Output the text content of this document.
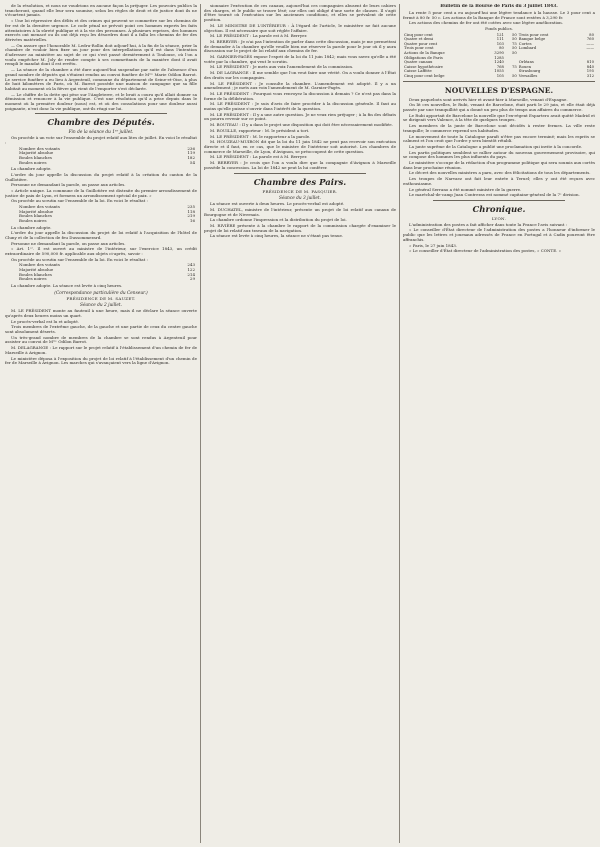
de la résolution, et nous ne voudrions en aucune façon la préjuger. Les pouvoirs publics la trancheront, quand elle leur sera soumise, selon les règles de droit et de justice dont ils ne s'écartent jamais.

« Une loi répressive des délits et des crimes qui peuvent se commettre sur les chemins de fer est de la dernière urgence. Le code pénal ne prévoit point ces hommes experts les faits attentatoires à la sûreté publique et à la vie des personnes. À plusieurs reprises, des hommes exercés ont menacé ou ils ont déjà reçu les désordres dont il a fallu les chemins de fer des dérivées matérielles.

— On assure que l'honorable M. Ledru-Rollin doit adjourl'hui, à la fin de la séance, prier la chambre de vouloir bien fixer un jour pour des interpellations qu'il est dans l'intention d'adresser au ministère au sujet de ce qui s'est passé dernièrement à Toulouse, où l'on a voulu empêcher M. Joly de rendre compte à ses commettants de la manière dont il avait rempli le mandat dont il est revêtu.

— La séance de la chambre a été dure aujourd'hui suspendue par suite de l'absence d'un grand nombre de députés qui s'étaient rendus au convoi funèbre de Mᵐᵉ Marie Odilon Barrot. Le service funèbre a eu lieu à Argenteuil, commune du département de Seine-et-Oise, à plus de huit kilomètres de Paris, où M. Barrot possède une maison de campagne que sa fille habitait au moment où la fièvre qui vient de l'emporter s'est déclarée.

— Le chiffre de la dette qui pèse sur l'Angleterre, et le bruit a couru qu'il allait donner sa démission et renoncer à la vie publique. C'est une résolution qu'il a prise depuis dans le moment où la première douleur (nous) est, et où des consolations pour une douleur aussi poignante, n'eut donc la vie publique, ont-ils réagi sur lui.

Chambre des Députés.
Fin de la séance du 1ᵉʳ juillet.

On procède à un vote sur l'ensemble du projet relatif aux lites de juillet. En voici le résultat :

Nombre des votants	236
Majorité absolue	119
Boules blanches	182
Boules noires	54

La chambre adopte.

L'ordre du jour appelle la discussion du projet relatif à la création du canton de la Guillotière.

Personne ne demandant la parole, on passe aux articles.

« Article unique. La commune de la Guillotière est distraite du premier arrondissement de justice de paix de Lyon, et formera un arrondissement spécial de paix. »

On procède au scrutin sur l'ensemble de la loi. En voici le résultat :

Nombre des votants	235
Majorité absolue	118
Boules blanches	219
Boules noires	16

La chambre adopte.

L'ordre du jour appelle la discussion du projet de loi relatif à l'acquisition de l'hôtel de Cluny et de la collection de feu Dussommerard.

Personne ne demandant la parole, on passe aux articles.

« Art. 1ᵉʳ. Il est ouvert au ministre de l'intérieur, sur l'exercice 1843, un crédit extraordinaire de 590,000 fr. applicable aux objets ci-après, savoir :

On procède au scrutin sur l'ensemble de la loi. En voici le résultat :

Nombre des votants	243
Majorité absolue	122
Boules blanches	214
Boules noires	29

La chambre adopte. La séance est levée à cinq heures.

(Correspondance particulière du Censeur.)

PRÉSIDENCE DE M. SAUZET.

Séance du 2 juillet.

M. LE PRÉSIDENT monte au fauteuil à une heure, mais il ne déclare la séance ouverte qu'après deux heures moins un quart.

Le procès-verbal est lu et adopté.

Trois membres de l'extrême gauche, de la gauche et une partie de ceux du centre gauche sont absolument déserts.

Un très-grand nombre de membres de la chambre se sont rendus à Argenteuil pour assister au convoi de Mᵐᵉ Odilon Barrot.

M. DELAGRANGE : Le rapport sur le projet relatif à l'établissement d'un chemin de fer de Marseille à Avignon.

Le ministère déposa à l'exposition du projet de loi relatif à l'établissement d'un chemin de fer de Marseille à Avignon. Les marches qui s'avançaient vers la ligne d'Avignon.

sionnaire l'exécution de ces canaux, aujourd'hui ces compagnies abusent de leurs cahiers des charges, et le public se trouve lésé; car elles ont obligé d'une sorte de clauses. Il s'agit d'être tourné où l'exécution sur les anciennes conditions, et elles se prévalent de cette position.

M. LE MINISTRE DE L'INTÉRIEUR : À l'égard de l'article, le ministère ne fait aucune objection. Il est nécessaire que soit réglée l'affaire.

M. LE PRÉSIDENT : La parole est à M. Berryer.

M. BERRYER : Je n'ai pas l'intention de parler dans cette discussion, mais je me permettrai de demander à la chambre qu'elle veuille bien me réserver la parole pour le jour où il y aura discussion sur le projet de loi relatif aux chemins de fer.

M. GARNIER-PAGÈS expose l'esprit de la loi du 11 juin 1842; mais vous savez qu'elle a été votée par la chambre, qui veut le scrutin.

M. LE PRÉSIDENT : Je mets aux voix l'amendement de la commission.

M. DE LAGRANGE : Il me semble que l'on veut faire une vérité. On a voulu donner à l'État des droits sur les compagnies.

M. LE PRÉSIDENT : Je consulte la chambre. L'amendement est adopté. Il y a un amendement ; je mets aux voix l'amendement de M. Garnier-Pagès.

M. LE PRÉSIDENT : Pourquoi vous renvoyez la discussion à demain ? Ce n'est pas dans la forme de la délibération.

M. LE PRÉSIDENT : Je suis d'avis de faire procéder à la discussion générale. Il faut au moins qu'elle puisse s'ouvrir dans l'intérêt de la question.

M. LE PRÉSIDENT : Il y a une autre question. Je ne veux rien préjuger ; à la fin des débats on pourra revenir sur ce point.

M. BOUTEAU : Il y a dans le projet une disposition qui doit être nécessairement modifiée.

M. ROUILLE, rapporteur : M. le président a tort.

M. LE PRÉSIDENT : M. le rapporteur a la parole.

M. HOUZEAU-MUIRON dit que la loi du 11 juin 1842 ne peut pas recevoir son exécution directe et il faut, en ce cas, que le ministre de l'intérieur soit autorisé. Les chambres de commerce de Marseille, de Lyon, d'Avignon, se préoccupent de cette question.

M. LE PRÉSIDENT : La parole est à M. Berryer.

M. BERRYER : Je crois que l'on a voulu dire que la compagnie d'Avignon à Marseille possède la concession. La loi de 1842 ne peut la lui conférer.

Chambre des Pairs.

PRÉSIDENCE DE M. PASQUIER.

Séance du 3 juillet.

La séance est ouverte à deux heures. Le procès-verbal est adopté.

M. DUCHATEL, ministre de l'intérieur, présente un projet de loi relatif aux canaux de Bourgogne et de Nivernais.

La chambre ordonne l'impression et la distribution du projet de loi.

M. RIVIÈRE présente à la chambre le rapport de la commission chargée d'examiner le projet de loi relatif aux travaux de la navigation.

La séance est levée à cinq heures, la séance ne s'étant pas tenue.

Bulletin de la Bourse de Paris du 3 juillet 1843.

La rente 5 pour cent a eu aujourd'hui une légère tendance à la hausse. Le 3 pour cent a fermé à 80 fr. 50 c. Les actions de la Banque de France sont restées à 3,290 fr.

Les actions des chemins de fer ont été cotées avec une légère amélioration.

Fonds publics.
Cinq pour cent	121	50	Trois pour cent	80
Quatre et demi	111	50	Banque belge	760
Quatre pour cent	103	75	Cortes	——
Trois pour cent	80	50	Lombard	——
Actions de la Banque	3290	50		
Obligations de Paris	1285			
Quatre canaux	1240		Orléans	810
Caisse hypothécaire	768	75	Rouen	840
Caisse Laffitte	1055		Strasbourg	195
Cinq pour cent belge	105	50	Versailles	312
NOUVELLES D'ESPAGNE.

Deux paquebots sont arrivés hier et avant-hier à Marseille, venant d'Espagne.

On lit ces nouvelles, le Rubi, venant de Barcelone, était parti le 29 juin, et elle était déjà passée par une tranquillité qui a donné un peu plus de temps aux affaires du commerce.

Le Rubi apportait de Barcelone la nouvelle que l'ex-régent Espartero avait quitté Madrid et se dirigeait vers Valence, à la tête de quelques troupes.

Les membres de la junte de Barcelone sont décidés à rester fermes. La ville reste tranquille; le commerce reprend ses habitudes.

Le mouvement de toute la Catalogne paraît n'être pas encore terminé; mais les esprits se calment et l'on croit que l'ordre y sera bientôt rétabli.

La junte suprême de la Catalogne a publié une proclamation qui invite à la concorde.

Les partis politiques semblent se rallier autour du nouveau gouvernement provisoire, qui se compose des hommes les plus influents du pays.

Le ministère s'occupe de la rédaction d'un programme politique qui sera soumis aux cortès dans leur prochaine réunion.

Le décret des nouvelles ministres a paru, avec des félicitations de tous les départements.

Les troupes de Narvaez ont fait leur entrée à Teruel; elles y ont été reçues avec enthousiasme.

Le général Serrano a été nommé ministre de la guerre.

Le maréchal-de-camp Juan Contreras est nommé capitaine-général de la 7ᵉ division.

Chronique.

LYON.

L'administration des postes a fait afficher dans toute la France l'avis suivant :

« Le conseiller d'État directeur de l'administration des postes a l'honneur d'informer le public que les lettres et journaux adressés de France en Portugal et à Cadix pourront être affranchis.

» Paris, le 27 juin 1843.

» Le conseiller d'État directeur de l'administration des postes, » CONTE. »
